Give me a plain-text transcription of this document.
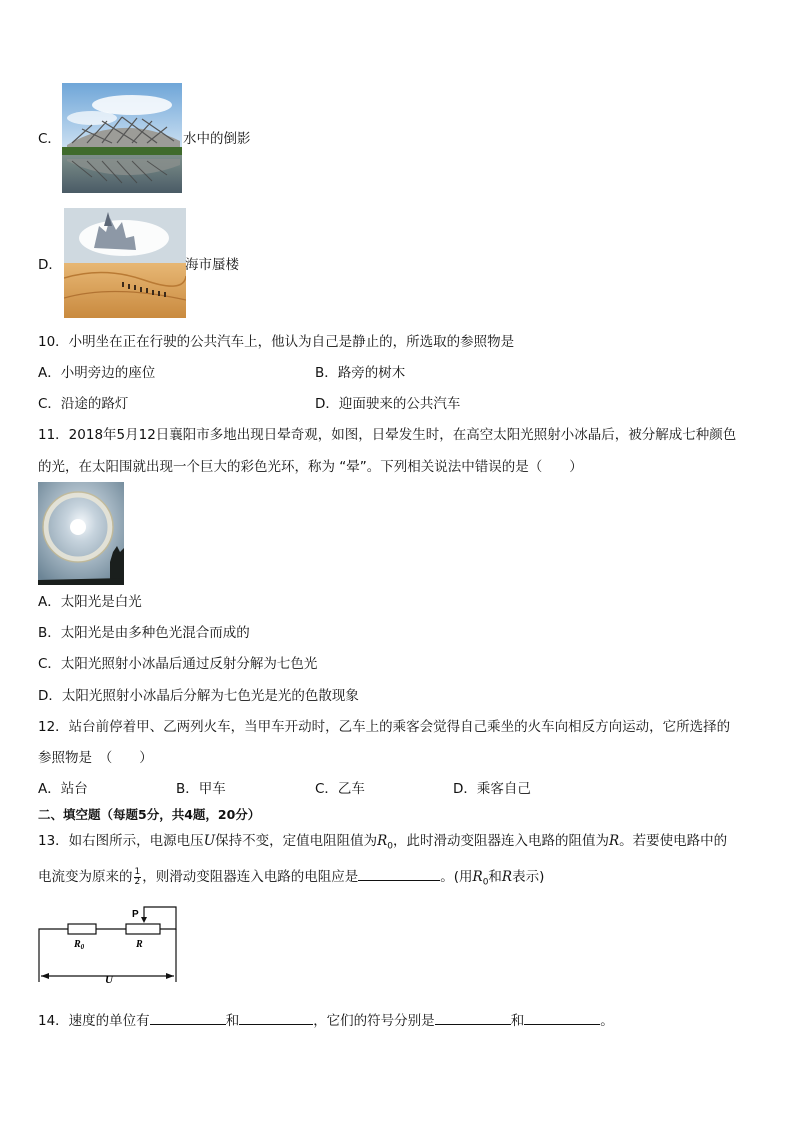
C．	水中的倒影
D．	海市蜃楼
10．小明坐在正在行驶的公共汽车上，他认为自己是静止的，所选取的参照物是
A．小明旁边的座位	B．路旁的树木
C．沿途的路灯	D．迎面驶来的公共汽车
11．2018年5月12日襄阳市多地出现日晕奇观，如图，日晕发生时，在高空太阳光照射小冰晶后，被分解成七种颜色
的光，在太阳围就出现一个巨大的彩色光环，称为 “晕”。下列相关说法中错误的是（　　）
A．太阳光是白光
B．太阳光是由多种色光混合而成的
C．太阳光照射小冰晶后通过反射分解为七色光
D．太阳光照射小冰晶后分解为七色光是光的色散现象
12．站台前停着甲、乙两列火车，当甲车开动时，乙车上的乘客会觉得自己乘坐的火车向相反方向运动，它所选择的
参照物是　（　　）
A．站台	B．甲车	C．乙车	D．乘客自己
二、填空题（每题5分，共4题，20分）
13．如右图所示，电源电压U保持不变，定值电阻阻值为$R_0$，此时滑动变阻器连入电路的阻值为R。若要使电路中的
电流变为原来的 $\frac{1}{2}$ ，则滑动变阻器连入电路的电阻应是	。(用$R_0$和R表示)
P
$R_0$	R
U
14．速度的单位有	和	，它们的符号分别是	和	。
